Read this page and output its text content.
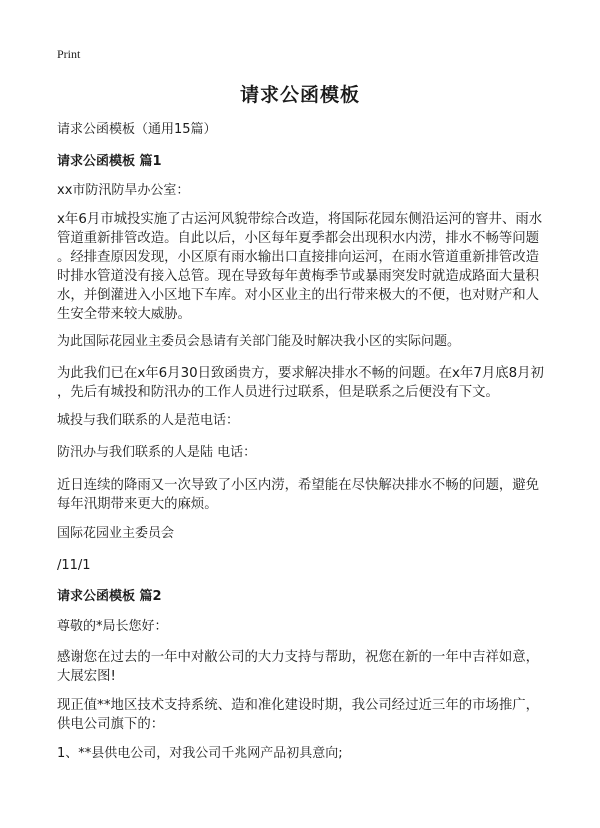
Print
请求公函模板
请求公函模板（通用15篇）
请求公函模板 篇1
xx市防汛防旱办公室：
x年6月市城投实施了古运河风貌带综合改造，将国际花园东侧沿运河的窨井、雨水
管道重新排管改造。自此以后，小区每年夏季都会出现积水内涝，排水不畅等问题
。经排查原因发现，小区原有雨水输出口直接排向运河，在雨水管道重新排管改造
时排水管道没有接入总管。现在导致每年黄梅季节或暴雨突发时就造成路面大量积
水，并倒灌进入小区地下车库。对小区业主的出行带来极大的不便，也对财产和人
生安全带来较大威胁。
为此国际花园业主委员会恳请有关部门能及时解决我小区的实际问题。
为此我们已在x年6月30日致函贵方，要求解决排水不畅的问题。在x年7月底8月初
，先后有城投和防汛办的工作人员进行过联系，但是联系之后便没有下文。
城投与我们联系的人是范电话：
防汛办与我们联系的人是陆 电话：
近日连续的降雨又一次导致了小区内涝，希望能在尽快解决排水不畅的问题，避免
每年汛期带来更大的麻烦。
国际花园业主委员会
/11/1
请求公函模板 篇2
尊敬的*局长您好：
感谢您在过去的一年中对敝公司的大力支持与帮助，祝您在新的一年中吉祥如意，
大展宏图!
现正值**地区技术支持系统、造和准化建设时期，我公司经过近三年的市场推广，
供电公司旗下的：
1、**县供电公司，对我公司千兆网产品初具意向;
